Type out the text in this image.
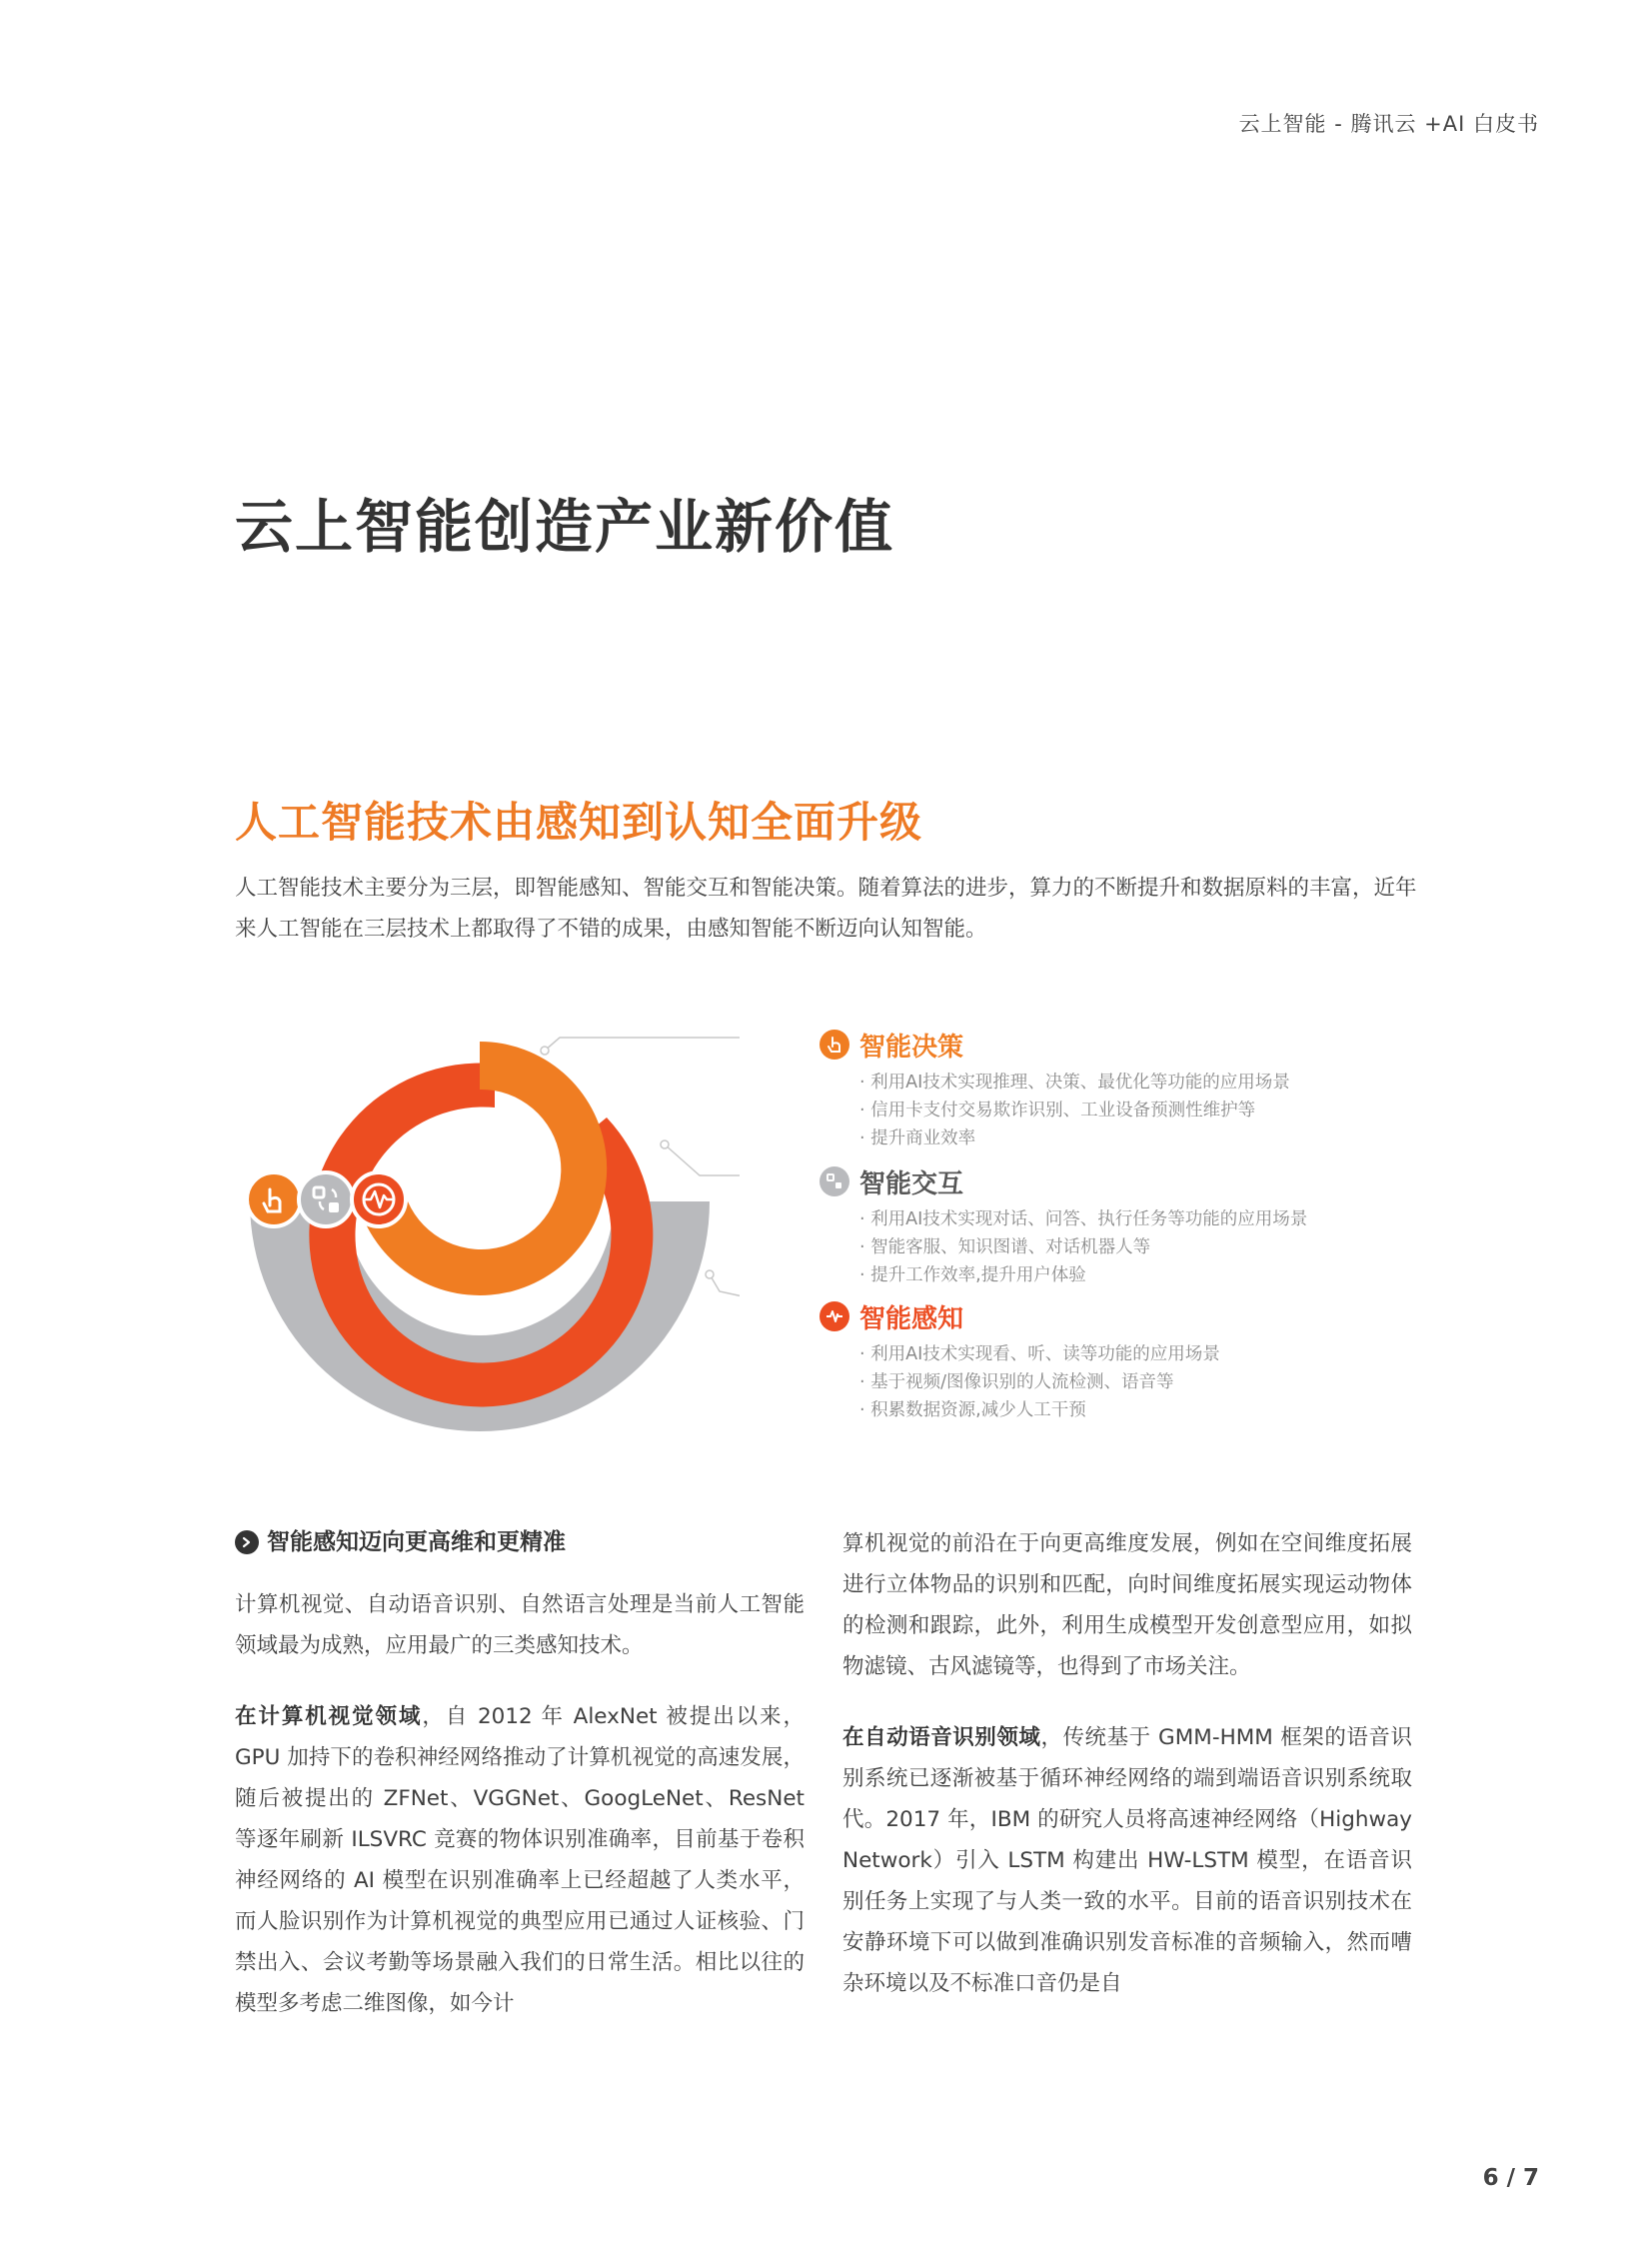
云上智能 - 腾讯云 +AI 白皮书
云上智能创造产业新价值
人工智能技术由感知到认知全面升级

人工智能技术主要分为三层，即智能感知、智能交互和智能决策。随着算法的进步，算力的不断提升和数据原料的丰富，近年来人工智能在三层技术上都取得了不错的成果，由感知智能不断迈向认知智能。

智能决策
· 利用AI技术实现推理、决策、最优化等功能的应用场景
· 信用卡支付交易欺诈识别、工业设备预测性维护等
· 提升商业效率
智能交互
· 利用AI技术实现对话、问答、执行任务等功能的应用场景
· 智能客服、知识图谱、对话机器人等
· 提升工作效率,提升用户体验
智能感知
· 利用AI技术实现看、听、读等功能的应用场景
· 基于视频/图像识别的人流检测、语音等
· 积累数据资源,减少人工干预
智能感知迈向更高维和更精准

计算机视觉、自动语音识别、自然语言处理是当前人工智能领域最为成熟，应用最广的三类感知技术。

在计算机视觉领域，自 2012 年 AlexNet 被提出以来，GPU 加持下的卷积神经网络推动了计算机视觉的高速发展，随后被提出的 ZFNet、VGGNet、GoogLeNet、ResNet 等逐年刷新 ILSVRC 竞赛的物体识别准确率，目前基于卷积神经网络的 AI 模型在识别准确率上已经超越了人类水平，而人脸识别作为计算机视觉的典型应用已通过人证核验、门禁出入、会议考勤等场景融入我们的日常生活。相比以往的模型多考虑二维图像，如今计

算机视觉的前沿在于向更高维度发展，例如在空间维度拓展进行立体物品的识别和匹配，向时间维度拓展实现运动物体的检测和跟踪，此外，利用生成模型开发创意型应用，如拟物滤镜、古风滤镜等，也得到了市场关注。

在自动语音识别领域，传统基于 GMM-HMM 框架的语音识别系统已逐渐被基于循环神经网络的端到端语音识别系统取代。2017 年，IBM 的研究人员将高速神经网络（Highway Network）引入 LSTM 构建出 HW-LSTM 模型，在语音识别任务上实现了与人类一致的水平。目前的语音识别技术在安静环境下可以做到准确识别发音标准的音频输入，然而嘈杂环境以及不标准口音仍是自

6 / 7
